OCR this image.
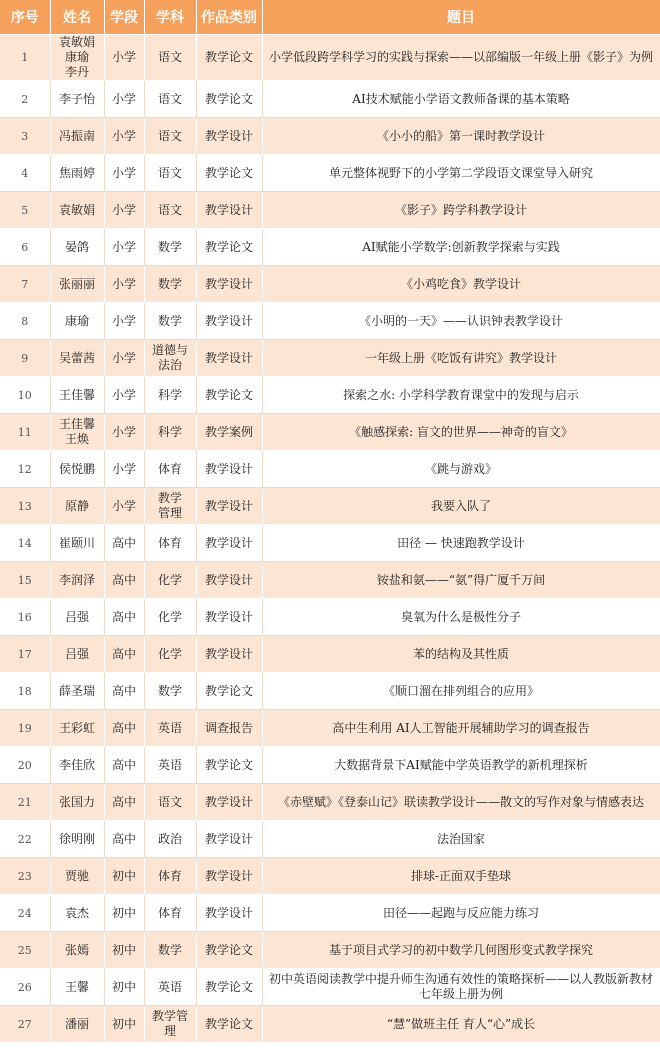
序号	姓名	学段	学科	作品类别	题目
1	袁敏娟
康瑜
李丹	小学	语文	教学论文	小学低段跨学科学习的实践与探索——以部编版一年级上册《影子》为例
2	李子怡	小学	语文	教学论文	AI技术赋能小学语文教师备课的基本策略
3	冯振南	小学	语文	教学设计	《小小的船》第一课时教学设计
4	焦雨婷	小学	语文	教学论文	单元整体视野下的小学第二学段语文课堂导入研究
5	袁敏娟	小学	语文	教学设计	《影子》跨学科教学设计
6	晏鸽	小学	数学	教学论文	AI赋能小学数学:创新教学探索与实践
7	张丽丽	小学	数学	教学设计	《小鸡吃食》教学设计
8	康瑜	小学	数学	教学设计	《小明的一天》——认识钟表教学设计
9	吴蕾茜	小学	道德与
法治	教学设计	一年级上册《吃饭有讲究》教学设计
10	王佳馨	小学	科学	教学论文	探索之水: 小学科学教育课堂中的发现与启示
11	王佳馨
王焕	小学	科学	教学案例	《触感探索: 盲文的世界——神奇的盲文》
12	侯悦鹏	小学	体育	教学设计	《跳与游戏》
13	原静	小学	教学
管理	教学设计	我要入队了
14	崔颐川	高中	体育	教学设计	田径 — 快速跑教学设计
15	李润泽	高中	化学	教学设计	铵盐和氨——“氨”得广厦千万间
16	吕强	高中	化学	教学设计	臭氧为什么是极性分子
17	吕强	高中	化学	教学设计	苯的结构及其性质
18	薛圣瑞	高中	数学	教学论文	《顺口溜在排列组合的应用》
19	王彩虹	高中	英语	调查报告	高中生利用 AI人工智能开展辅助学习的调查报告
20	李佳欣	高中	英语	教学论文	大数据背景下AI赋能中学英语教学的新机理探析
21	张国力	高中	语文	教学设计	《赤壁赋》《登泰山记》联读教学设计——散文的写作对象与情感表达
22	徐明刚	高中	政治	教学设计	法治国家
23	贾驰	初中	体育	教学设计	排球-正面双手垫球
24	袁杰	初中	体育	教学设计	田径——起跑与反应能力练习
25	张嫣	初中	数学	教学论文	基于项目式学习的初中数学几何图形变式教学探究
26	王馨	初中	英语	教学论文	初中英语阅读教学中提升师生沟通有效性的策略探析——以人教版新教材七年级上册为例
27	潘丽	初中	教学管理	教学论文	“慧”做班主任 育人“心”成长
